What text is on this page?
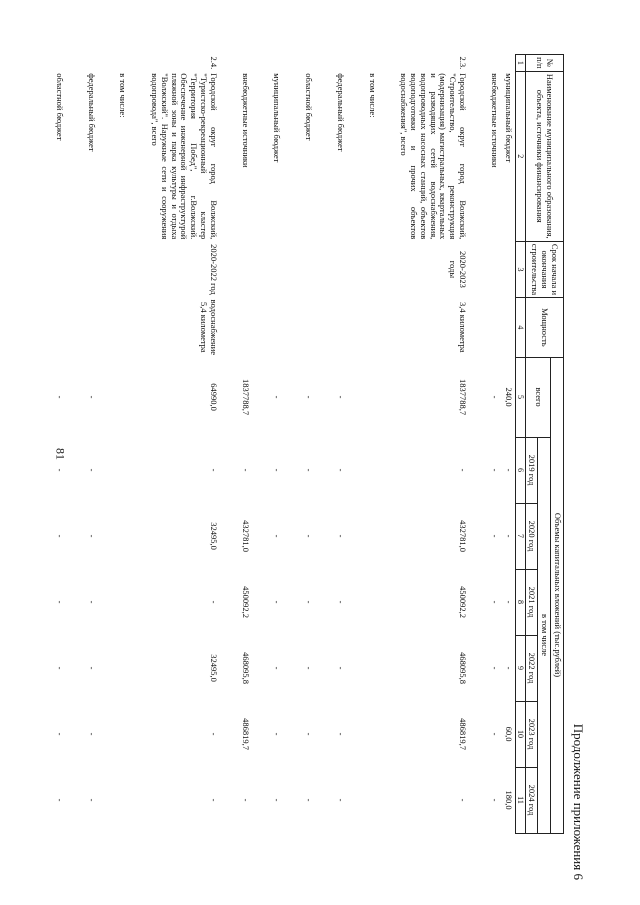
81
Продолжение приложения 6
№ п/п	Наименование муниципального образования, объекта, источники финансирования	Срок начала и окончания строительства	Мощность	Объемы капитальных вложений (тыс.рублей)						
				всего	в том числе					
					2019 год	2020 год	2021 год	2022 год	2023 год	2024 год
1	2	3	4	5	6	7	8	9	10	11
	муниципальный бюджет			240,0	-	-	-	-	60,0	180,0
	внебюджетные источники			-	-	-	-	-	-	-

2.3.	Городской округ город Волжский, "Строительство, реконструкция (модернизация) магистральных, квартальных и разводящих сетей водоснабжения, водопроводных насосных станций, объектов водоподготовки и прочих объектов водоснабжения", всего	2020-2023 годы	3,4 километра	1837788,7	-	432781,0	450092,2	468095,8	486819,7	-

	в том числе:									

	федеральный бюджет			-	-	-	-	-	-	-

	областной бюджет			-	-	-	-	-	-	-

	муниципальный бюджет			-	-	-	-	-	-	-

	внебюджетные источники			1837788,7	-	432781,0	450092,2	468095,8	486819,7	-

2.4.	Городской округ город Волжский, "Туристско-рекреационный кластер "Территория Побед", г.Волжский. Обеспечение инженерной инфраструктурой пляжной зоны и парка культуры и отдыха "Волжский". Наружные сети и сооружения водопровода", всего	2020-2022 год	водоснабжение 5,4 километра	64990,0	-	32495,0	-	32495,0	-	-

	в том числе:									

	федеральный бюджет			-	-	-	-	-	-	-

	областной бюджет			-	-	-	-	-	-	-
